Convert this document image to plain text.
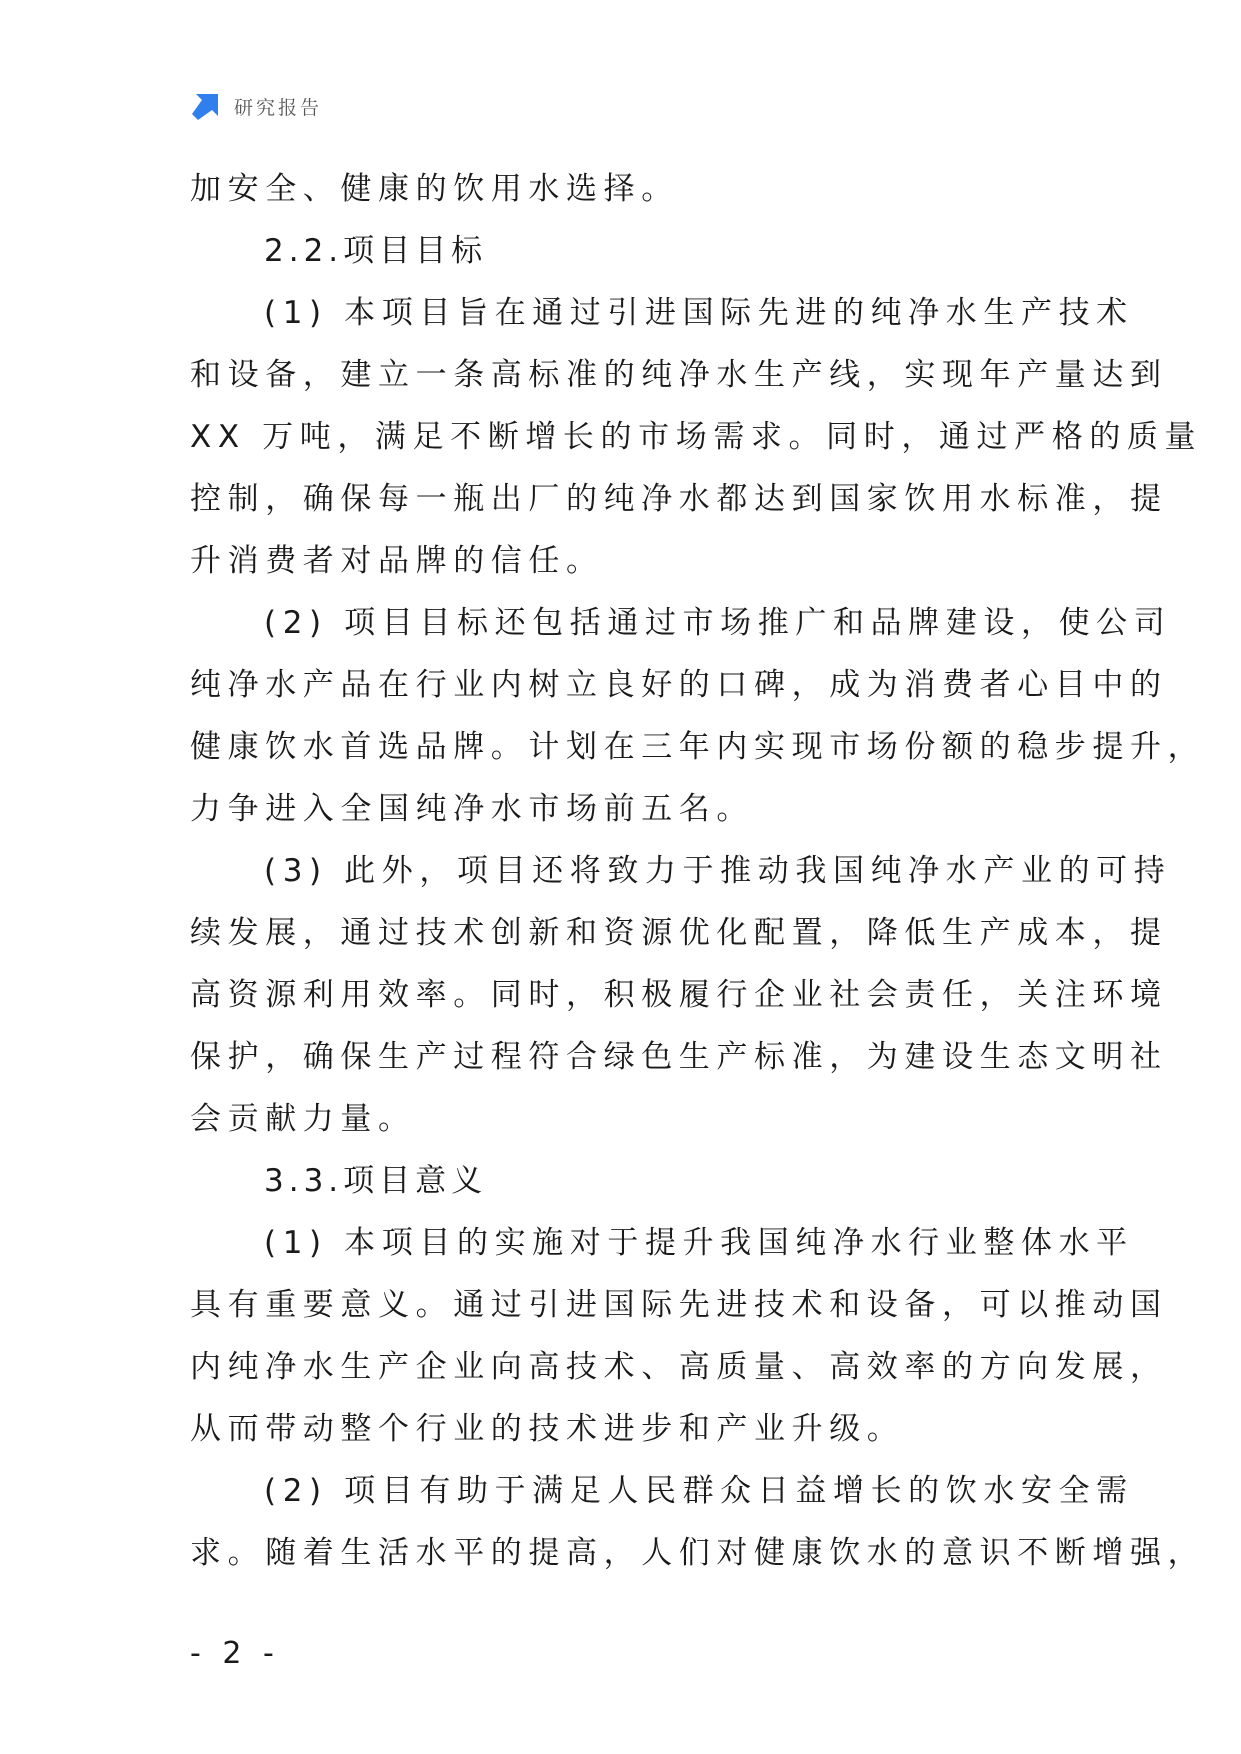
研究报告
加安全、健康的饮用水选择。
2.2.项目目标
(1) 本项目旨在通过引进国际先进的纯净水生产技术
和设备，建立一条高标准的纯净水生产线，实现年产量达到
XX 万吨，满足不断增长的市场需求。同时，通过严格的质量
控制，确保每一瓶出厂的纯净水都达到国家饮用水标准，提
升消费者对品牌的信任。
(2) 项目目标还包括通过市场推广和品牌建设，使公司
纯净水产品在行业内树立良好的口碑，成为消费者心目中的
健康饮水首选品牌。计划在三年内实现市场份额的稳步提升，
力争进入全国纯净水市场前五名。
(3) 此外，项目还将致力于推动我国纯净水产业的可持
续发展，通过技术创新和资源优化配置，降低生产成本，提
高资源利用效率。同时，积极履行企业社会责任，关注环境
保护，确保生产过程符合绿色生产标准，为建设生态文明社
会贡献力量。
3.3.项目意义
(1) 本项目的实施对于提升我国纯净水行业整体水平
具有重要意义。通过引进国际先进技术和设备，可以推动国
内纯净水生产企业向高技术、高质量、高效率的方向发展，
从而带动整个行业的技术进步和产业升级。
(2) 项目有助于满足人民群众日益增长的饮水安全需
求。随着生活水平的提高，人们对健康饮水的意识不断增强，
- 2 -
